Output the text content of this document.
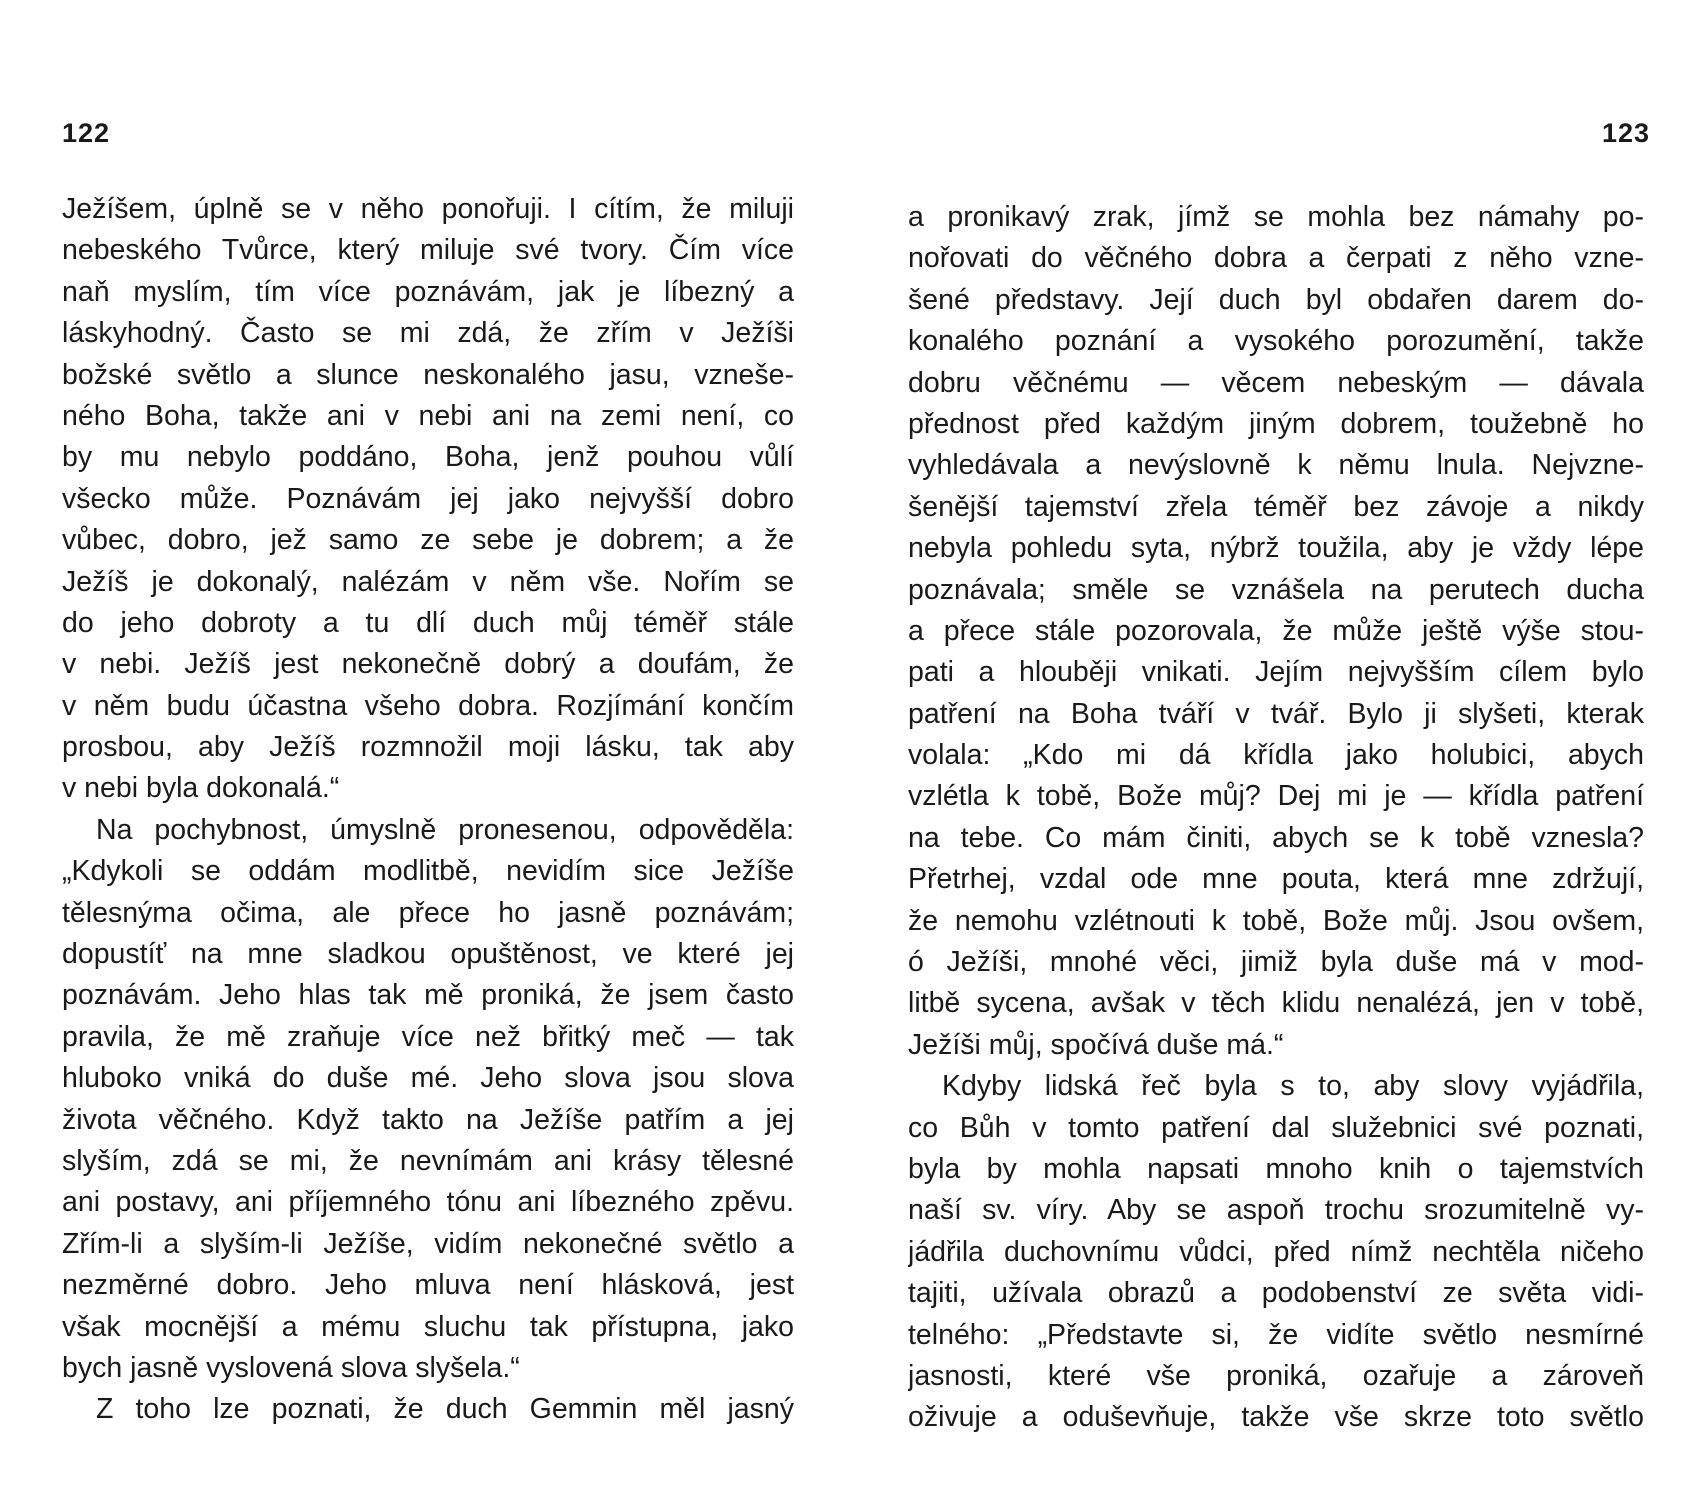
122
Ježíšem, úplně se v něho ponořuji. I cítím, že miluji
nebeského Tvůrce, který miluje své tvory. Čím více
naň myslím, tím více poznávám, jak je líbezný a
láskyhodný. Často se mi zdá, že zřím v Ježíši
božské světlo a slunce neskonalého jasu, vzneše-
ného Boha, takže ani v nebi ani na zemi není, co
by mu nebylo poddáno, Boha, jenž pouhou vůlí
všecko může. Poznávám jej jako nejvyšší dobro
vůbec, dobro, jež samo ze sebe je dobrem; a že
Ježíš je dokonalý, nalézám v něm vše. Nořím se
do jeho dobroty a tu dlí duch můj téměř stále
v nebi. Ježíš jest nekonečně dobrý a doufám, že
v něm budu účastna všeho dobra. Rozjímání končím
prosbou, aby Ježíš rozmnožil moji lásku, tak aby
v nebi byla dokonalá.“
Na pochybnost, úmyslně pronesenou, odpověděla:
„Kdykoli se oddám modlitbě, nevidím sice Ježíše
tělesnýma očima, ale přece ho jasně poznávám;
dopustíť na mne sladkou opuštěnost, ve které jej
poznávám. Jeho hlas tak mě proniká, že jsem často
pravila, že mě zraňuje více než břitký meč — tak
hluboko vniká do duše mé. Jeho slova jsou slova
života věčného. Když takto na Ježíše patřím a jej
slyším, zdá se mi, že nevnímám ani krásy tělesné
ani postavy, ani příjemného tónu ani líbezného zpěvu.
Zřím-li a slyším-li Ježíše, vidím nekonečné světlo a
nezměrné dobro. Jeho mluva není hlásková, jest
však mocnější a mému sluchu tak přístupna, jako
bych jasně vyslovená slova slyšela.“
Z toho lze poznati, že duch Gemmin měl jasný
123
a pronikavý zrak, jímž se mohla bez námahy po-
nořovati do věčného dobra a čerpati z něho vzne-
šené představy. Její duch byl obdařen darem do-
konalého poznání a vysokého porozumění, takže
dobru věčnému — věcem nebeským — dávala
přednost před každým jiným dobrem, toužebně ho
vyhledávala a nevýslovně k němu lnula. Nejvzne-
šenější tajemství zřela téměř bez závoje a nikdy
nebyla pohledu syta, nýbrž toužila, aby je vždy lépe
poznávala; směle se vznášela na perutech ducha
a přece stále pozorovala, že může ještě výše stou-
pati a hlouběji vnikati. Jejím nejvyšším cílem bylo
patření na Boha tváří v tvář. Bylo ji slyšeti, kterak
volala: „Kdo mi dá křídla jako holubici, abych
vzlétla k tobě, Bože můj? Dej mi je — křídla patření
na tebe. Co mám činiti, abych se k tobě vznesla?
Přetrhej, vzdal ode mne pouta, která mne zdržují,
že nemohu vzlétnouti k tobě, Bože můj. Jsou ovšem,
ó Ježíši, mnohé věci, jimiž byla duše má v mod-
litbě sycena, avšak v těch klidu nenalézá, jen v tobě,
Ježíši můj, spočívá duše má.“
Kdyby lidská řeč byla s to, aby slovy vyjádřila,
co Bůh v tomto patření dal služebnici své poznati,
byla by mohla napsati mnoho knih o tajemstvích
naší sv. víry. Aby se aspoň trochu srozumitelně vy-
jádřila duchovnímu vůdci, před nímž nechtěla ničeho
tajiti, užívala obrazů a podobenství ze světa vidi-
telného: „Představte si, že vidíte světlo nesmírné
jasnosti, které vše proniká, ozařuje a zároveň
oživuje a oduševňuje, takže vše skrze toto světlo
